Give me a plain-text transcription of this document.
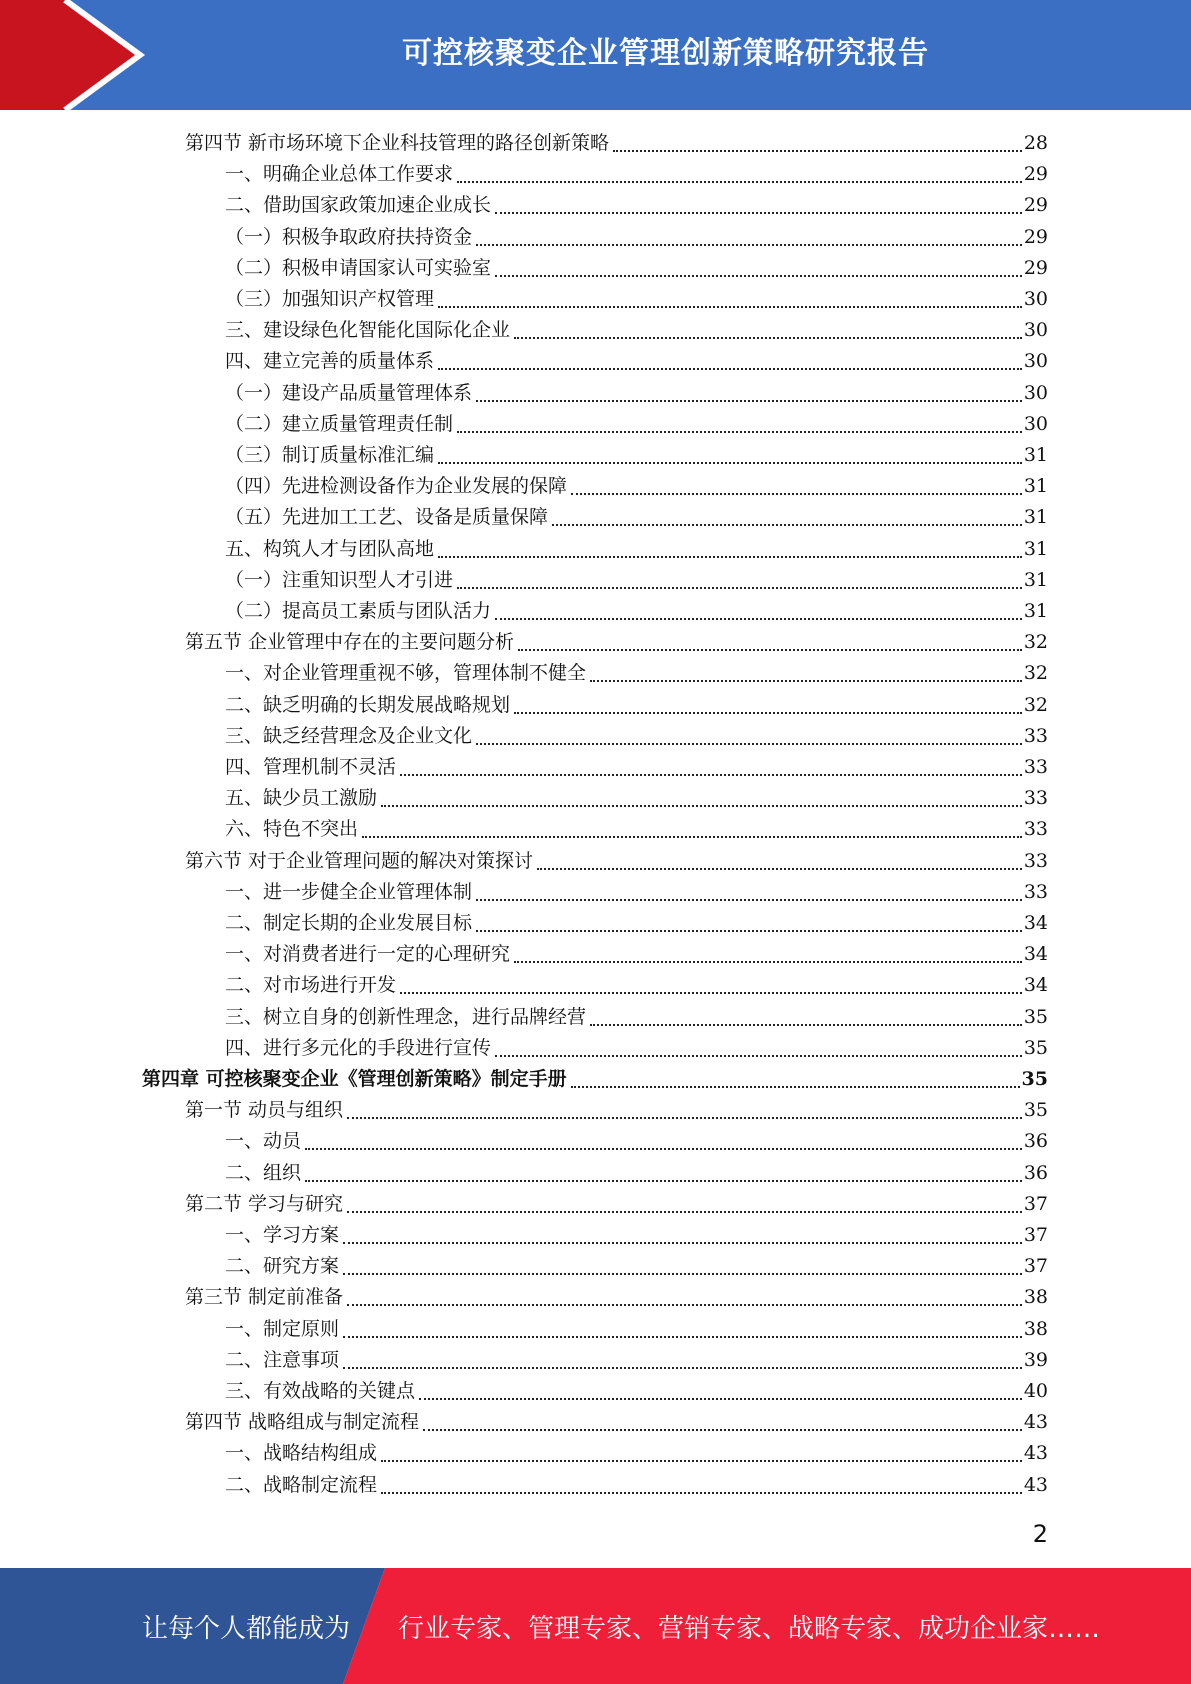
可控核聚变企业管理创新策略研究报告
第四节 新市场环境下企业科技管理的路径创新策略	28
一、明确企业总体工作要求	29
二、借助国家政策加速企业成长	29
（一）积极争取政府扶持资金	29
（二）积极申请国家认可实验室	29
（三）加强知识产权管理	30
三、建设绿色化智能化国际化企业	30
四、建立完善的质量体系	30
（一）建设产品质量管理体系	30
（二）建立质量管理责任制	30
（三）制订质量标准汇编	31
（四）先进检测设备作为企业发展的保障	31
（五）先进加工工艺、设备是质量保障	31
五、构筑人才与团队高地	31
（一）注重知识型人才引进	31
（二）提高员工素质与团队活力	31
第五节 企业管理中存在的主要问题分析	32
一、对企业管理重视不够，管理体制不健全	32
二、缺乏明确的长期发展战略规划	32
三、缺乏经营理念及企业文化	33
四、管理机制不灵活	33
五、缺少员工激励	33
六、特色不突出	33
第六节 对于企业管理问题的解决对策探讨	33
一、进一步健全企业管理体制	33
二、制定长期的企业发展目标	34
一、对消费者进行一定的心理研究	34
二、对市场进行开发	34
三、树立自身的创新性理念，进行品牌经营	35
四、进行多元化的手段进行宣传	35
第四章 可控核聚变企业《管理创新策略》制定手册	35
第一节 动员与组织	35
一、动员	36
二、组织	36
第二节 学习与研究	37
一、学习方案	37
二、研究方案	37
第三节 制定前准备	38
一、制定原则	38
二、注意事项	39
三、有效战略的关键点	40
第四节 战略组成与制定流程	43
一、战略结构组成	43
二、战略制定流程	43
2
让每个人都能成为 行业专家、管理专家、营销专家、战略专家、成功企业家……
